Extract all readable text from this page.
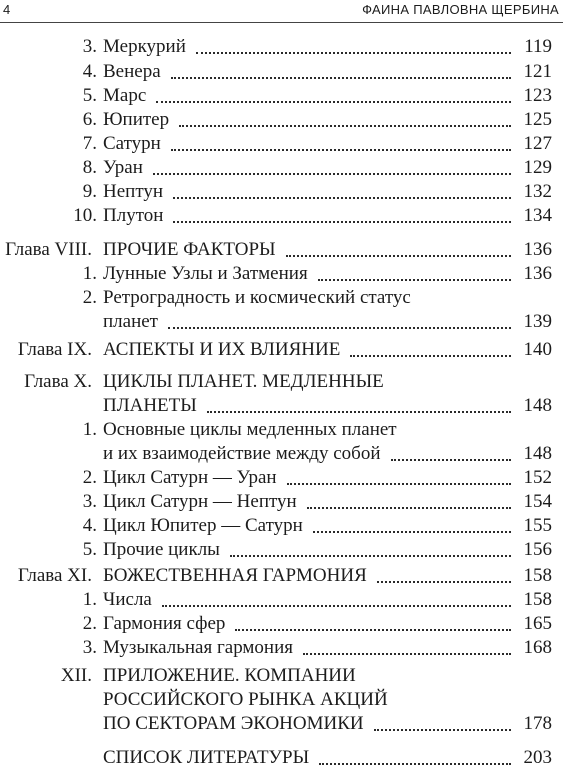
4	ФАИНА ПАВЛОВНА ЩЕРБИНА
3. Меркурий	119
4. Венера	121
5. Марс	123
6. Юпитер	125
7. Сатурн	127
8. Уран	129
9. Нептун	132
10. Плутон	134
Глава VIII. ПРОЧИЕ ФАКТОРЫ	136
1. Лунные Узлы и Затмения	136
2. Ретроградность и космический статус
планет	139
Глава IX. АСПЕКТЫ И ИХ ВЛИЯНИЕ	140
Глава X. ЦИКЛЫ ПЛАНЕТ. МЕДЛЕННЫЕ
ПЛАНЕТЫ	148
1. Основные циклы медленных планет
и их взаимодействие между собой	148
2. Цикл Сатурн — Уран	152
3. Цикл Сатурн — Нептун	154
4. Цикл Юпитер — Сатурн	155
5. Прочие циклы	156
Глава XI. БОЖЕСТВЕННАЯ ГАРМОНИЯ	158
1. Числа	158
2. Гармония сфер	165
3. Музыкальная гармония	168
XII. ПРИЛОЖЕНИЕ. КОМПАНИИ
РОССИЙСКОГО РЫНКА АКЦИЙ
ПО СЕКТОРАМ ЭКОНОМИКИ	178
СПИСОК ЛИТЕРАТУРЫ	203
